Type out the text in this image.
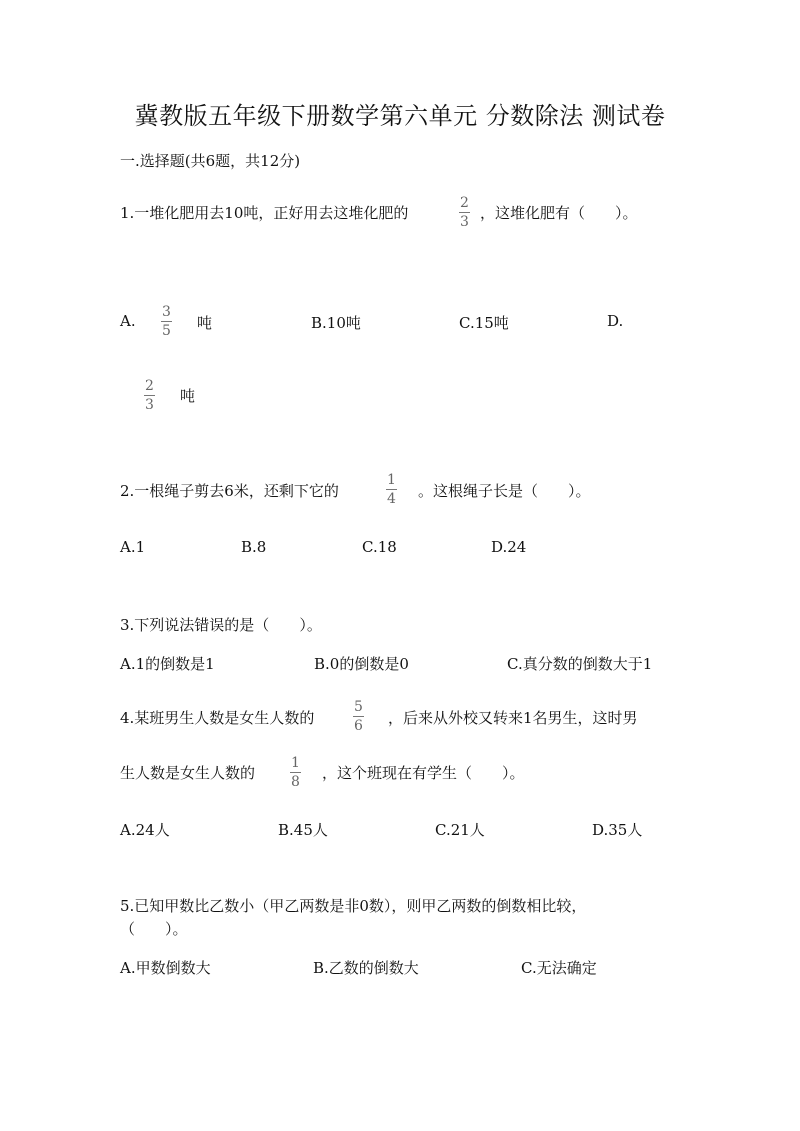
冀教版五年级下册数学第六单元 分数除法 测试卷
一.选择题(共6题，共12分)
1.一堆化肥用去10吨，正好用去这堆化肥的
2
3 ，这堆化肥有（　　）。
A. 3
5 吨	B.10吨	C.15吨	D.
2
3 吨
2.一根绳子剪去6米，还剩下它的
1
4 。这根绳子长是（　　）。
A.1	B.8	C.18	D.24
3.下列说法错误的是（　　）。
A.1的倒数是1	B.0的倒数是0	C.真分数的倒数大于1
4.某班男生人数是女生人数的
5
6 ，后来从外校又转来1名男生，这时男
生人数是女生人数的
1
8 ，这个班现在有学生（　　）。
A.24人	B.45人	C.21人	D.35人
5.已知甲数比乙数小（甲乙两数是非0数），则甲乙两数的倒数相比较，
（　　）。
A.甲数倒数大	B.乙数的倒数大	C.无法确定
